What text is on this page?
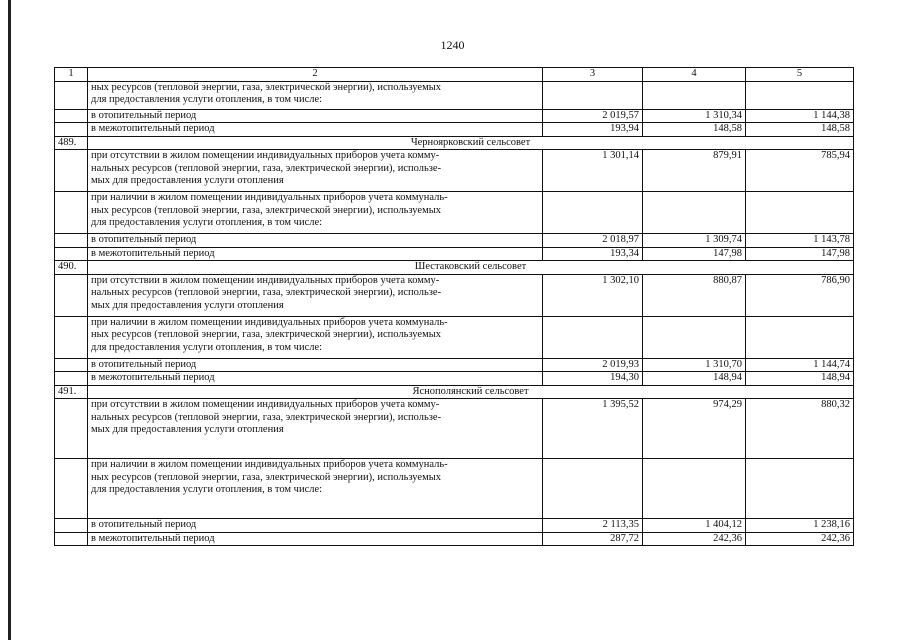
1240
1	2	3	4	5
	ных ресурсов (тепловой энергии, газа, электрической энергии), используемых
для предоставления услуги отопления, в том числе:			
	в отопительный период	2 019,57	1 310,34	1 144,38
	в межотопительный период	193,94	148,58	148,58
489.	Черноярковский сельсовет			
	при отсутствии в жилом помещении индивидуальных приборов учета комму-
нальных ресурсов (тепловой энергии, газа, электрической энергии), использе-
мых для предоставления услуги отопления	1 301,14	879,91	785,94
	при наличии в жилом помещении индивидуальных приборов учета коммуналь-
ных ресурсов (тепловой энергии, газа, электрической энергии), используемых
для предоставления услуги отопления, в том числе:			
	в отопительный период	2 018,97	1 309,74	1 143,78
	в межотопительный период	193,34	147,98	147,98
490.	Шестаковский сельсовет			
	при отсутствии в жилом помещении индивидуальных приборов учета комму-
нальных ресурсов (тепловой энергии, газа, электрической энергии), использе-
мых для предоставления услуги отопления	1 302,10	880,87	786,90
	при наличии в жилом помещении индивидуальных приборов учета коммуналь-
ных ресурсов (тепловой энергии, газа, электрической энергии), используемых
для предоставления услуги отопления, в том числе:			
	в отопительный период	2 019,93	1 310,70	1 144,74
	в межотопительный период	194,30	148,94	148,94
491.	Яснополянский сельсовет			
	при отсутствии в жилом помещении индивидуальных приборов учета комму-
нальных ресурсов (тепловой энергии, газа, электрической энергии), использе-
мых для предоставления услуги отопления	1 395,52	974,29	880,32
	при наличии в жилом помещении индивидуальных приборов учета коммуналь-
ных ресурсов (тепловой энергии, газа, электрической энергии), используемых
для предоставления услуги отопления, в том числе:			
	в отопительный период	2 113,35	1 404,12	1 238,16
	в межотопительный период	287,72	242,36	242,36
